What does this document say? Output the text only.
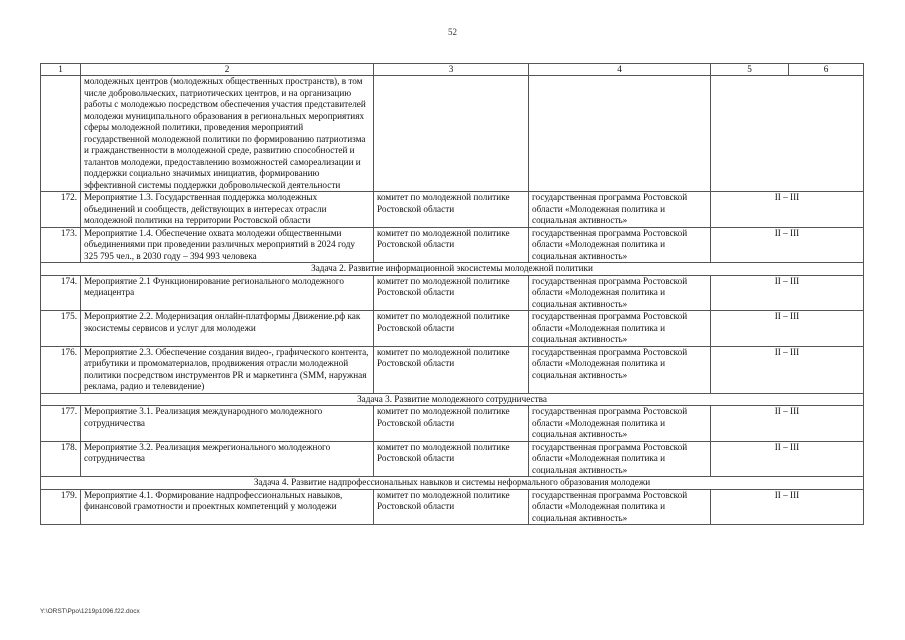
52
1	2	3	4	5	6
	молодежных центров (молодежных общественных пространств), в том числе добровольческих, патриотических центров, и на организацию работы с молодежью посредством обеспечения участия представителей молодежи муниципального образования в региональных мероприятиях сферы молодежной политики, проведения мероприятий государственной молодежной политики по формированию патриотизма и гражданственности в молодежной среде, развитию способностей и талантов молодежи, предоставлению возможностей самореализации и поддержки социально значимых инициатив, формированию эффективной системы поддержки добровольческой деятельности				
172.	Мероприятие 1.3. Государственная поддержка молодежных объединений и сообществ, действующих в интересах отрасли молодежной политики на территории Ростовской области	комитет по молодежной политике Ростовской области	государственная программа Ростовской области «Молодежная политика и социальная активность»	II – III	
173.	Мероприятие 1.4. Обеспечение охвата молодежи общественными объединениями при проведении различных мероприятий в 2024 году 325 795 чел., в 2030 году – 394 993 человека	комитет по молодежной политике Ростовской области	государственная программа Ростовской области «Молодежная политика и социальная активность»	II – III	
Задача 2. Развитие информационной экосистемы молодежной политики					
174.	Мероприятие 2.1 Функционирование регионального молодежного медиацентра	комитет по молодежной политике Ростовской области	государственная программа Ростовской области «Молодежная политика и социальная активность»	II – III	
175.	Мероприятие 2.2. Модернизация онлайн-платформы Движение.рф как экосистемы сервисов и услуг для молодежи	комитет по молодежной политике Ростовской области	государственная программа Ростовской области «Молодежная политика и социальная активность»	II – III	
176.	Мероприятие 2.3. Обеспечение создания видео-, графического контента, атрибутики и промоматериалов, продвижения отрасли молодежной политики посредством инструментов PR и маркетинга (SMM, наружная реклама, радио и телевидение)	комитет по молодежной политике Ростовской области	государственная программа Ростовской области «Молодежная политика и социальная активность»	II – III	
Задача 3. Развитие молодежного сотрудничества					
177.	Мероприятие 3.1. Реализация международного молодежного сотрудничества	комитет по молодежной политике Ростовской области	государственная программа Ростовской области «Молодежная политика и социальная активность»	II – III	
178.	Мероприятие 3.2. Реализация межрегионального молодежного сотрудничества	комитет по молодежной политике Ростовской области	государственная программа Ростовской области «Молодежная политика и социальная активность»	II – III	
Задача 4. Развитие надпрофессиональных навыков и системы неформального образования молодежи					
179.	Мероприятие 4.1. Формирование надпрофессиональных навыков, финансовой грамотности и проектных компетенций у молодежи	комитет по молодежной политике Ростовской области	государственная программа Ростовской области «Молодежная политика и социальная активность»	II – III	
Y:\ORST\Ppo\1219p1096.f22.docx
